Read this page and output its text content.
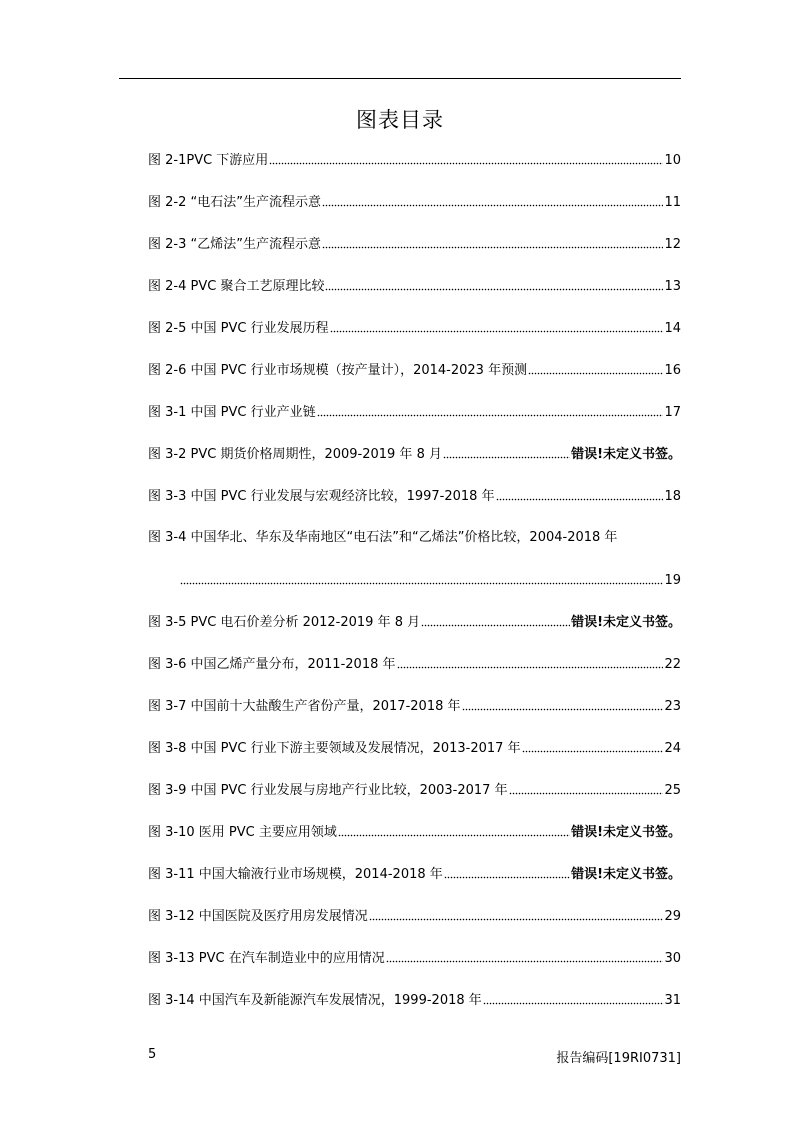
图表目录
图 2-1PVC 下游应用	10
图 2-2 “电石法”生产流程示意	11
图 2-3 “乙烯法”生产流程示意	12
图 2-4 PVC 聚合工艺原理比较	13
图 2-5 中国 PVC 行业发展历程	14
图 2-6 中国 PVC 行业市场规模（按产量计），2014-2023 年预测	16
图 3-1 中国 PVC 行业产业链	17
图 3-2 PVC 期货价格周期性，2009-2019 年 8 月	错误!未定义书签。
图 3-3 中国 PVC 行业发展与宏观经济比较，1997-2018 年	18
图 3-4 中国华北、华东及华南地区“电石法”和“乙烯法”价格比较，2004-2018 年
19
图 3-5 PVC 电石价差分析 2012-2019 年 8 月	错误!未定义书签。
图 3-6 中国乙烯产量分布，2011-2018 年	22
图 3-7 中国前十大盐酸生产省份产量，2017-2018 年	23
图 3-8 中国 PVC 行业下游主要领域及发展情况，2013-2017 年	24
图 3-9 中国 PVC 行业发展与房地产行业比较，2003-2017 年	25
图 3-10 医用 PVC 主要应用领域	错误!未定义书签。
图 3-11 中国大输液行业市场规模，2014-2018 年	错误!未定义书签。
图 3-12 中国医院及医疗用房发展情况	29
图 3-13 PVC 在汽车制造业中的应用情况	30
图 3-14 中国汽车及新能源汽车发展情况，1999-2018 年	31
5	报告编码[19RI0731]
